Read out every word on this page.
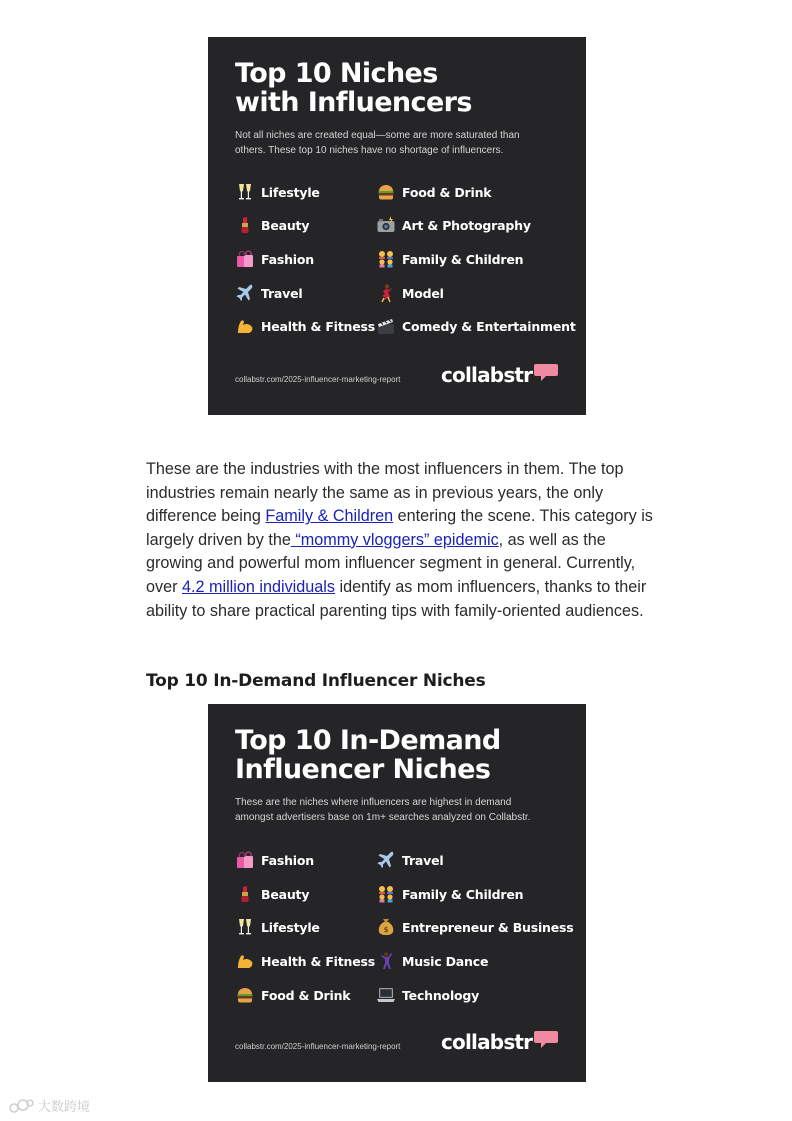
Top 10 Niches
with Influencers
Not all niches are created equal—some are more saturated than
others. These top 10 niches have no shortage of influencers.
Lifestyle
Beauty
Fashion
Travel
Health & Fitness
Food & Drink
Art & Photography
Family & Children
Model
Comedy & Entertainment
collabstr.com/2025-influencer-marketing-report collabstr

These are the industries with the most influencers in them. The top industries remain nearly the same as in previous years, the only difference being Family & Children entering the scene. This category is largely driven by the “mommy vloggers” epidemic, as well as the growing and powerful mom influencer segment in general. Currently, over 4.2 million individuals identify as mom influencers, thanks to their ability to share practical parenting tips with family-oriented audiences.

Top 10 In-Demand Influencer Niches
Top 10 In-Demand
Influencer Niches
These are the niches where influencers are highest in demand
amongst advertisers base on 1m+ searches analyzed on Collabstr.
Fashion
Beauty
Lifestyle
Health & Fitness
Food & Drink
Travel
Family & Children
$ Entrepreneur & Business
Music Dance
Technology
collabstr.com/2025-influencer-marketing-report collabstr
大数跨境
